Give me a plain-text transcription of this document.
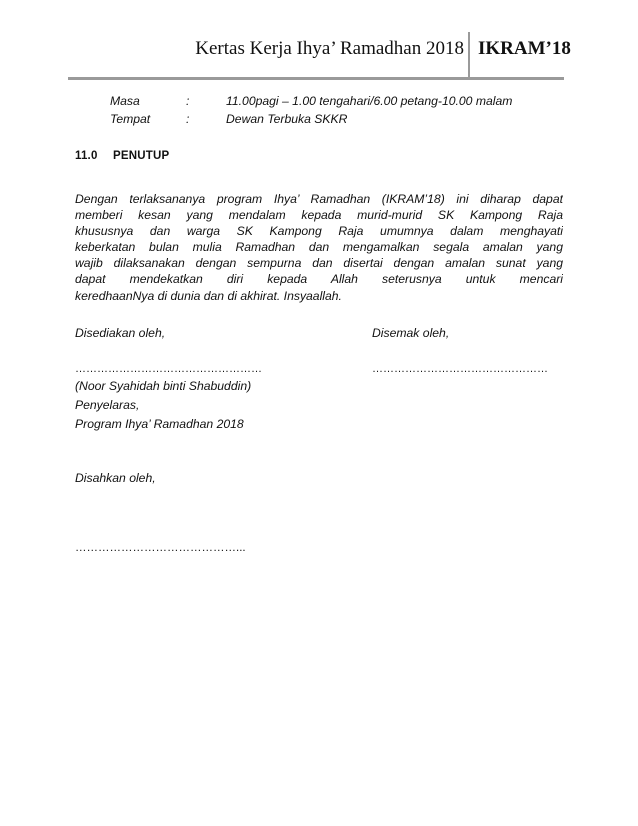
Kertas Kerja Ihya’ Ramadhan 2018 IKRAM’18
Masa	:	11.00pagi – 1.00 tengahari/6.00 petang-10.00 malam
Tempat	:	Dewan Terbuka SKKR
11.0 PENUTUP
Dengan terlaksananya program Ihya’ Ramadhan (IKRAM’18) ini diharap dapat
memberi kesan yang mendalam kepada murid-murid SK Kampong Raja
khususnya dan warga SK Kampong Raja umumnya dalam menghayati
keberkatan bulan mulia Ramadhan dan mengamalkan segala amalan yang
wajib dilaksanakan dengan sempurna dan disertai dengan amalan sunat yang
dapat mendekatkan diri kepada Allah seterusnya untuk mencari
keredhaanNya di dunia dan di akhirat. Insyaallah.
Disediakan oleh,	Disemak oleh,
……………………………………………	…………………………………………
(Noor Syahidah binti Shabuddin)
Penyelaras,
Program Ihya’ Ramadhan 2018
Disahkan oleh,
……………………………………...
